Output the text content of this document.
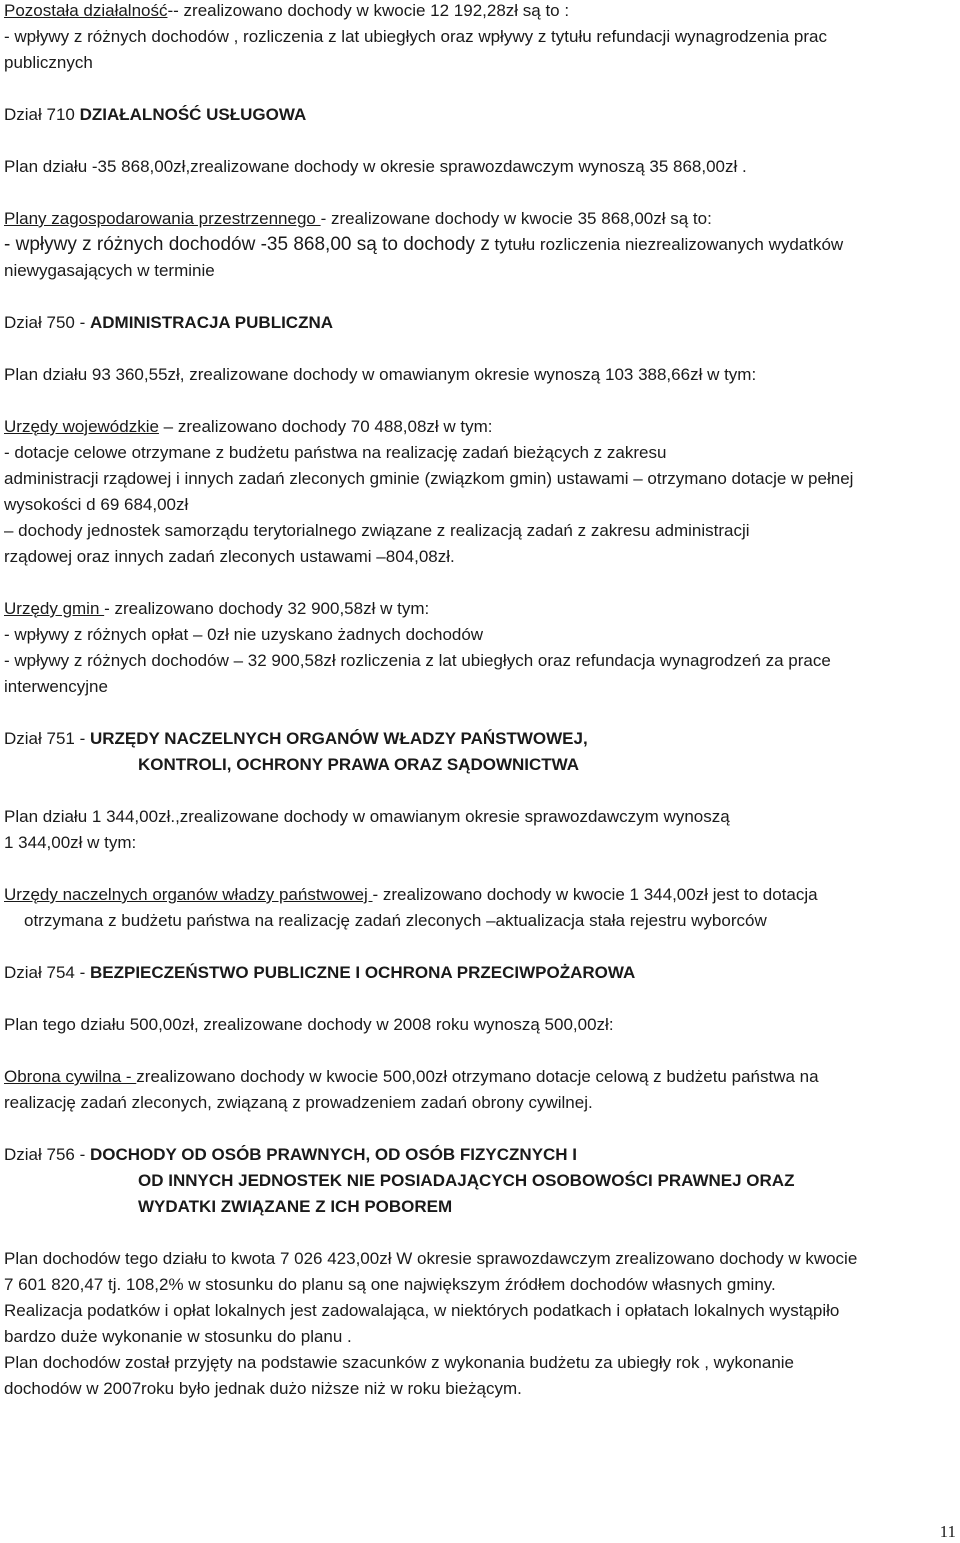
Pozostała działalność-- zrealizowano dochody w kwocie 12 192,28zł są to :
- wpływy z różnych dochodów , rozliczenia z lat ubiegłych oraz wpływy z tytułu refundacji wynagrodzenia prac
publicznych
Dział 710 DZIAŁALNOŚĆ USŁUGOWA
Plan działu -35 868,00zł,zrealizowane dochody w okresie sprawozdawczym wynoszą 35 868,00zł .
Plany zagospodarowania przestrzennego - zrealizowane dochody w kwocie 35 868,00zł są to:
- wpływy z różnych dochodów -35 868,00 są to dochody z tytułu rozliczenia niezrealizowanych wydatków
niewygasających w terminie
Dział 750 - ADMINISTRACJA PUBLICZNA
Plan działu 93 360,55zł, zrealizowane dochody w omawianym okresie wynoszą 103 388,66zł w tym:
Urzędy wojewódzkie – zrealizowano dochody 70 488,08zł w tym:
- dotacje celowe otrzymane z budżetu państwa na realizację zadań bieżących z zakresu
administracji rządowej i innych zadań zleconych gminie (związkom gmin) ustawami – otrzymano dotacje w pełnej
wysokości d 69 684,00zł
– dochody jednostek samorządu terytorialnego związane z realizacją zadań z zakresu administracji
rządowej oraz innych zadań zleconych ustawami –804,08zł.
Urzędy gmin - zrealizowano dochody 32 900,58zł w tym:
- wpływy z różnych opłat – 0zł nie uzyskano żadnych dochodów
- wpływy z różnych dochodów – 32 900,58zł rozliczenia z lat ubiegłych oraz refundacja wynagrodzeń za prace
interwencyjne
Dział 751 - URZĘDY NACZELNYCH ORGANÓW WŁADZY PAŃSTWOWEJ,
KONTROLI, OCHRONY PRAWA ORAZ SĄDOWNICTWA
Plan działu 1 344,00zł.,zrealizowane dochody w omawianym okresie sprawozdawczym wynoszą
1 344,00zł w tym:
Urzędy naczelnych organów władzy państwowej - zrealizowano dochody w kwocie 1 344,00zł jest to dotacja
otrzymana z budżetu państwa na realizację zadań zleconych –aktualizacja stała rejestru wyborców
Dział 754 - BEZPIECZEŃSTWO PUBLICZNE I OCHRONA PRZECIWPOŻAROWA
Plan tego działu 500,00zł, zrealizowane dochody w 2008 roku wynoszą 500,00zł:
Obrona cywilna - zrealizowano dochody w kwocie 500,00zł otrzymano dotacje celową z budżetu państwa na
realizację zadań zleconych, związaną z prowadzeniem zadań obrony cywilnej.
Dział 756 - DOCHODY OD OSÓB PRAWNYCH, OD OSÓB FIZYCZNYCH I
OD INNYCH JEDNOSTEK NIE POSIADAJĄCYCH OSOBOWOŚCI PRAWNEJ ORAZ
WYDATKI ZWIĄZANE Z ICH POBOREM
Plan dochodów tego działu to kwota 7 026 423,00zł W okresie sprawozdawczym zrealizowano dochody w kwocie
7 601 820,47 tj. 108,2% w stosunku do planu są one największym źródłem dochodów własnych gminy.
Realizacja podatków i opłat lokalnych jest zadowalająca, w niektórych podatkach i opłatach lokalnych wystąpiło
bardzo duże wykonanie w stosunku do planu .
Plan dochodów został przyjęty na podstawie szacunków z wykonania budżetu za ubiegły rok , wykonanie
dochodów w 2007roku było jednak dużo niższe niż w roku bieżącym.
11
